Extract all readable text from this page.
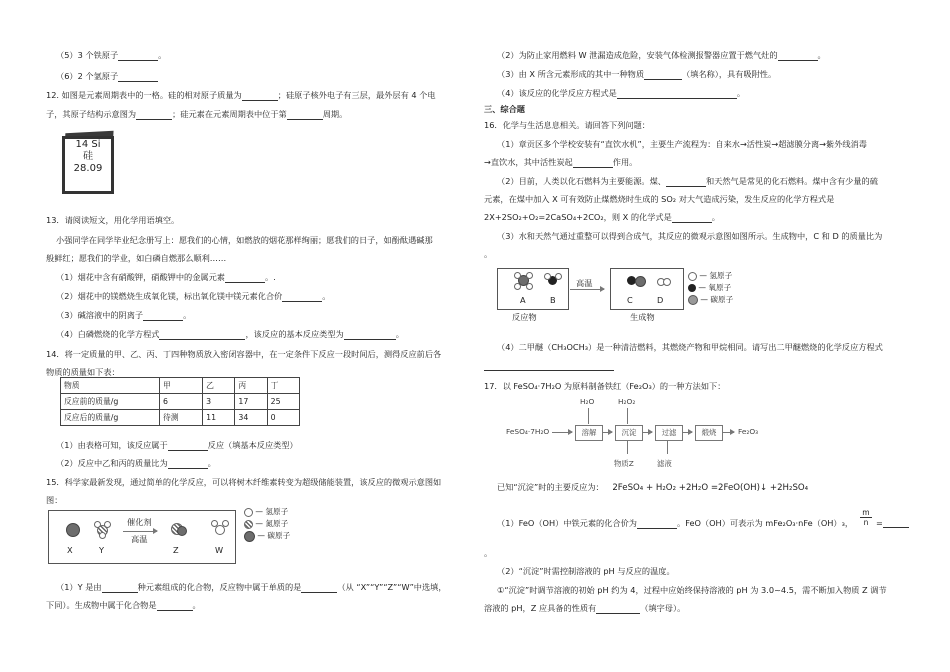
（5）3 个铁原子	。
（6）2 个氩原子
12. 如图是元素周期表中的一格。硅的相对原子质量为	；硅原子核外电子有三层，最外层有 4 个电
子，其原子结构示意图为	；硅元素在元素周期表中位于第	周期。
14 Si
硅
28.09
13．请阅读短文，用化学用语填空。
小强同学在同学毕业纪念册写上：愿我们的心情，如燃放的烟花那样绚丽；愿我们的日子，如酚酞遇碱那
般鲜红；愿我们的学业，如白磷自燃那么顺利……
（1）烟花中含有硝酸钾，硝酸钾中的金属元素	。.
（2）烟花中的镁燃烧生成氧化镁，标出氧化镁中镁元素化合价	。
（3）碱溶液中的阴离子	。
（4）白磷燃烧的化学方程式	，该反应的基本反应类型为	。
14．将一定质量的甲、乙、丙、丁四种物质放入密闭容器中，在一定条件下反应一段时间后，测得反应前后各
物质的质量如下表：
物质	甲	乙	丙	丁
反应前的质量/g	6	3	17	25
反应后的质量/g	待测	11	34	0
（1）由表格可知，该反应属于	反应（填基本反应类型）
（2）反应中乙和丙的质量比为	。
15．科学家最新发现，通过简单的化学反应，可以将树木纤维素转变为超级储能装置，该反应的微观示意图如
图：
X	Y
催化剂
高温
Z	W
— 氢原子
— 氮原子
— 碳原子
（1）Y 是由	种元素组成的化合物，反应物中属于单质的是	（从 “X”“Y”“Z”“W”中选填，
下同）。生成物中属于化合物是	。
（2）为防止家用燃料 W 泄漏造成危险，安装气体检测报警器应置于燃气灶的	。
（3）由 X 所含元素形成的其中一种物质	（填名称），具有吸附性。
（4）该反应的化学反应方程式是	。
三、综合题
16．化学与生活息息相关。请回答下列问题：
（1）章贡区多个学校安装有“直饮水机”，主要生产流程为：自来水→活性炭→超滤膜分离→紫外线消毒
→直饮水，其中活性炭起	作用。
（2）目前，人类以化石燃料为主要能源。煤、	和天然气是常见的化石燃料。煤中含有少量的硫
元素，在煤中加入 X 可有效防止煤燃烧时生成的 SO₂ 对大气造成污染，发生反应的化学方程式是
2X+2SO₂+O₂=2CaSO₄+2CO₂，则 X 的化学式是	。
（3）水和天然气通过重整可以得到合成气，其反应的微观示意图如图所示。生成物中，C 和 D 的质量比为
。
A	B
高温
C	D
反应物	生成物
— 氢原子
— 氧原子
— 碳原子
（4）二甲醚（CH₃OCH₃）是一种清洁燃料，其燃烧产物和甲烷相同。请写出二甲醚燃烧的化学反应方程式
17．以 FeSO₄·7H₂O 为原料制备铁红（Fe₂O₃）的一种方法如下：
FeSO₄·7H₂O	溶解	沉淀	过滤	煅烧	Fe₂O₃
H₂O	H₂O₂
物质Z	滤液
已知“沉淀”时的主要反应为： 2FeSO₄ + H₂O₂ +2H₂O =2FeO(OH)↓ +2H₂SO₄
（1）FeO（OH）中铁元素的化合价为	。FeO（OH）可表示为 mFe₂O₃·nFe（OH）₃，
m
n =
。
（2）“沉淀”时需控制溶液的 pH 与反应的温度。
①“沉淀”时调节溶液的初始 pH 约为 4，过程中应始终保持溶液的 pH 为 3.0~4.5，需不断加入物质 Z 调节
溶液的 pH，Z 应具备的性质有	（填字母）。
